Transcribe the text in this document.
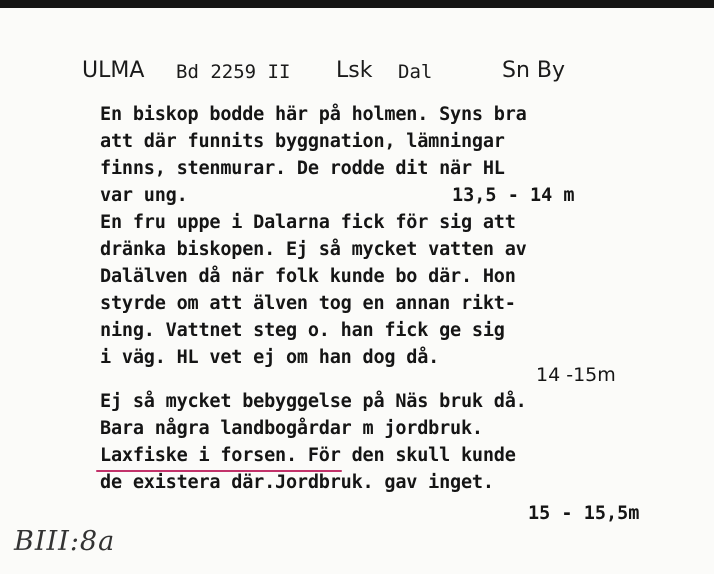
ULMA Bd 2259 II Lsk Dal	Sn By
En biskop bodde här på holmen. Syns bra
att där funnits byggnation, lämningar
finns, stenmurar. De rodde dit när HL
var ung.	13,5 - 14 m
En fru uppe i Dalarna fick för sig att
dränka biskopen. Ej så mycket vatten av
Dalälven då när folk kunde bo där. Hon
styrde om att älven tog en annan rikt-
ning. Vattnet steg o. han fick ge sig
i väg. HL vet ej om han dog då.
14 -15m
Ej så mycket bebyggelse på Näs bruk då.
Bara några landbogårdar m jordbruk.
Laxfiske i forsen. För den skull kunde
de existera där.Jordbruk. gav inget.
15 - 15,5m
BIII:8a
